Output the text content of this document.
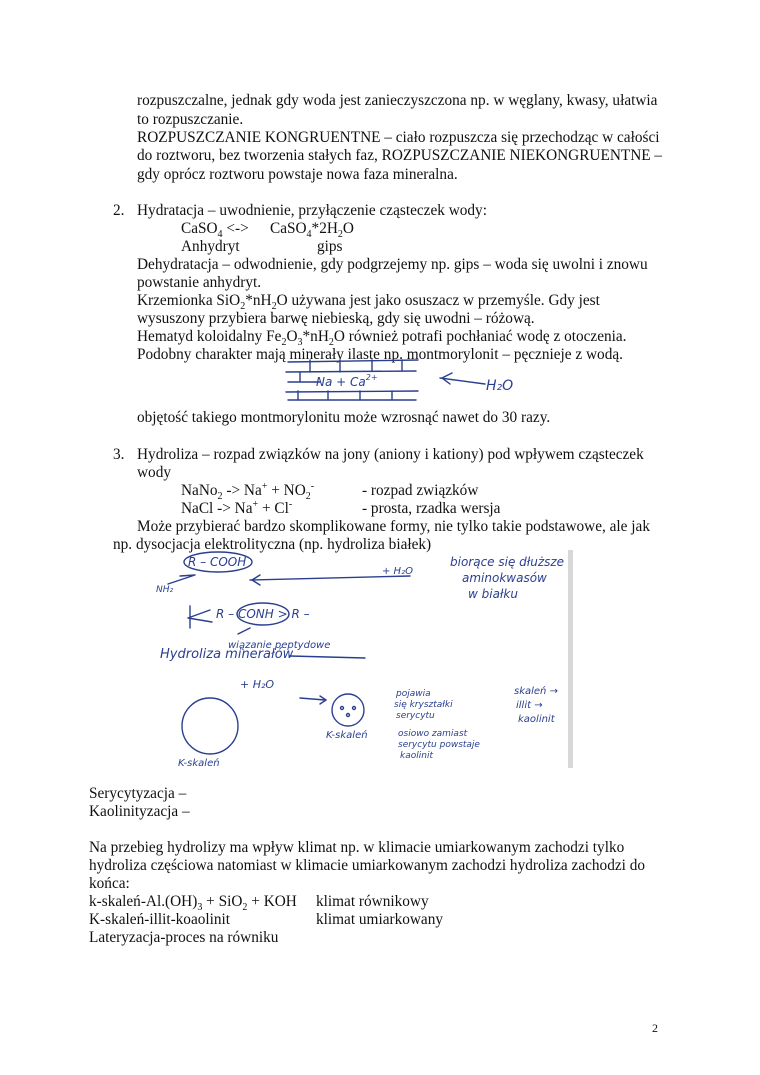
rozpuszczalne, jednak gdy woda jest zanieczyszczona np. w węglany, kwasy, ułatwia
to rozpuszczanie.
ROZPUSZCZANIE KONGRUENTNE – ciało rozpuszcza się przechodząc w całości
do roztworu, bez tworzenia stałych faz, ROZPUSZCZANIE NIEKONGRUENTNE –
gdy oprócz roztworu powstaje nowa faza mineralna.
2. Hydratacja – uwodnienie, przyłączenie cząsteczek wody:
CaSO$_4$ <-> $CaSO_4*2H_2O$
Anhydryt	gips
Dehydratacja – odwodnienie, gdy podgrzejemy np. gips – woda się uwolni i znowu
powstanie anhydryt.
Krzemionka $SiO_2*nH_2O$ używana jest jako osuszacz w przemyśle. Gdy jest
wysuszony przybiera barwę niebieską, gdy się uwodni – różową.
Hematyd koloidalny $Fe_2O_3*nH_2O$ również potrafi pochłaniać wodę z otoczenia.
Podobny charakter mają minerały ilaste np. montmorylonit – pęcznieje z wodą.
$Na + Ca^{2+}$
H₂O
objętość takiego montmorylonitu może wzrosnąć nawet do 30 razy.
3. Hydroliza – rozpad związków na jony (aniony i kationy) pod wpływem cząsteczek
wody
NaNo$_2$ -> $Na^+ + NO_2^-$	- rozpad związków
NaCl -> Na+ + Cl-	- prosta, rzadka wersja
Może przybierać bardzo skomplikowane formy, nie tylko takie podstawowe, ale jak
np. dysocjacja elektrolityczna (np. hydroliza białek)
R – COOH
NH₂
+ H₂O
R – CONH > R –
wiązanie peptydowe
biorące się dłuższe
aminokwasów
w białku
Hydroliza minerałów
+ H₂O
K-skaleń
K-skaleń
pojawia
się kryształki
serycytu
osiowo zamiast
serycytu powstaje
kaolinit
skaleń →
illit →
kaolinit
Serycytyzacja –
Kaolinityzacja –
Na przebieg hydrolizy ma wpływ klimat np. w klimacie umiarkowanym zachodzi tylko
hydroliza częściowa natomiast w klimacie umiarkowanym zachodzi hydroliza zachodzi do
końca:
$k-skaleń-Al.(OH)_3 + SiO_2$ + KOH klimat równikowy
K-skaleń-illit-koaolinit	klimat umiarkowany
Lateryzacja-proces na równiku
2
